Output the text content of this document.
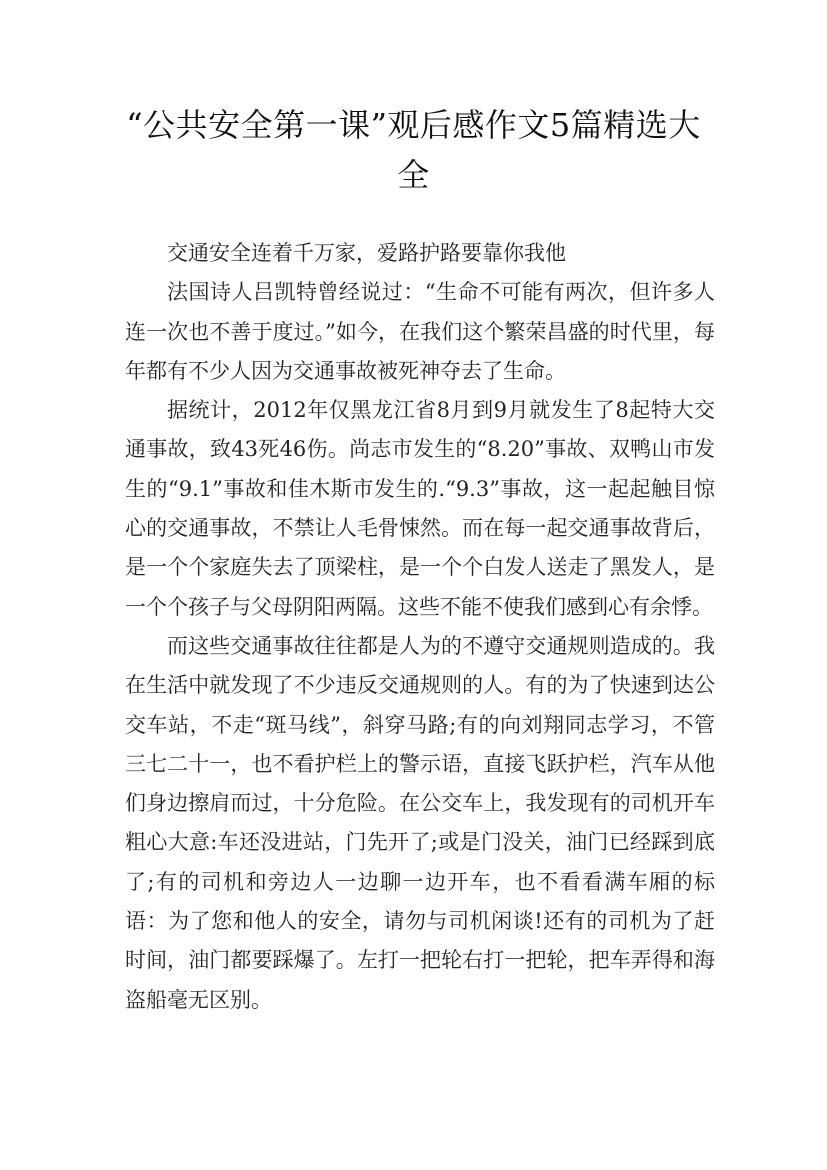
“公共安全第一课”观后感作文5篇精选大全

交通安全连着千万家，爱路护路要靠你我他

法国诗人吕凯特曾经说过：“生命不可能有两次，但许多人连一次也不善于度过。”如今，在我们这个繁荣昌盛的时代里，每年都有不少人因为交通事故被死神夺去了生命。

据统计，2012年仅黑龙江省8月到9月就发生了8起特大交通事故，致43死46伤。尚志市发生的“8.20”事故、双鸭山市发生的“9.1”事故和佳木斯市发生的.“9.3”事故，这一起起触目惊心的交通事故，不禁让人毛骨悚然。而在每一起交通事故背后，是一个个家庭失去了顶梁柱，是一个个白发人送走了黑发人，是一个个孩子与父母阴阳两隔。这些不能不使我们感到心有余悸。

而这些交通事故往往都是人为的不遵守交通规则造成的。我在生活中就发现了不少违反交通规则的人。有的为了快速到达公交车站，不走“斑马线”，斜穿马路;有的向刘翔同志学习，不管三七二十一，也不看护栏上的警示语，直接飞跃护栏，汽车从他们身边擦肩而过，十分危险。在公交车上，我发现有的司机开车粗心大意:车还没进站，门先开了;或是门没关，油门已经踩到底了;有的司机和旁边人一边聊一边开车，也不看看满车厢的标语：为了您和他人的安全，请勿与司机闲谈!还有的司机为了赶时间，油门都要踩爆了。左打一把轮右打一把轮，把车弄得和海盗船毫无区别。
